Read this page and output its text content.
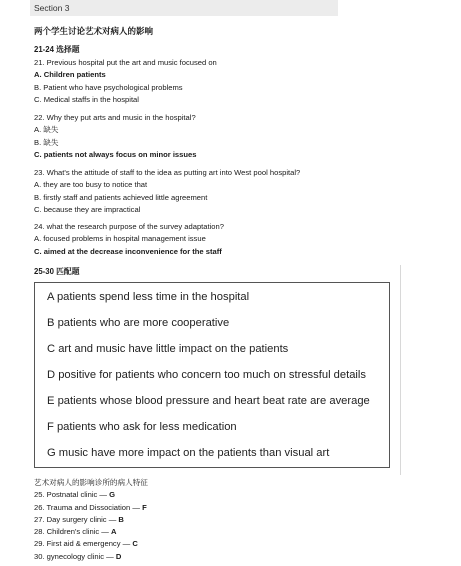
Section 3
两个学生讨论艺术对病人的影响
21-24 选择题
21. Previous hospital put the art and music focused on
A. Children patients
B. Patient who have psychological problems
C. Medical staffs in the hospital
22. Why they put arts and music in the hospital?
A. 缺失
B. 缺失
C. patients not always focus on minor issues
23. What's the attitude of staff to the idea as putting art into West pool hospital?
A. they are too busy to notice that
B. firstly staff and patients achieved little agreement
C. because they are impractical
24. what the research purpose of the survey adaptation?
A. focused problems in hospital management issue
C. aimed at the decrease inconvenience for the staff
25-30 匹配题
A patients spend less time in the hospital
B patients who are more cooperative
C art and music have little impact on the patients
D positive for patients who concern too much on stressful details
E patients whose blood pressure and heart beat rate are average
F patients who ask for less medication
G music have more impact on the patients than visual art
艺术对病人的影响诊所的病人特征
25. Postnatal clinic — G
26. Trauma and Dissociation — F
27. Day surgery clinic — B
28. Children's clinic — A
29. First aid & emergency — C
30. gynecology clinic — D
